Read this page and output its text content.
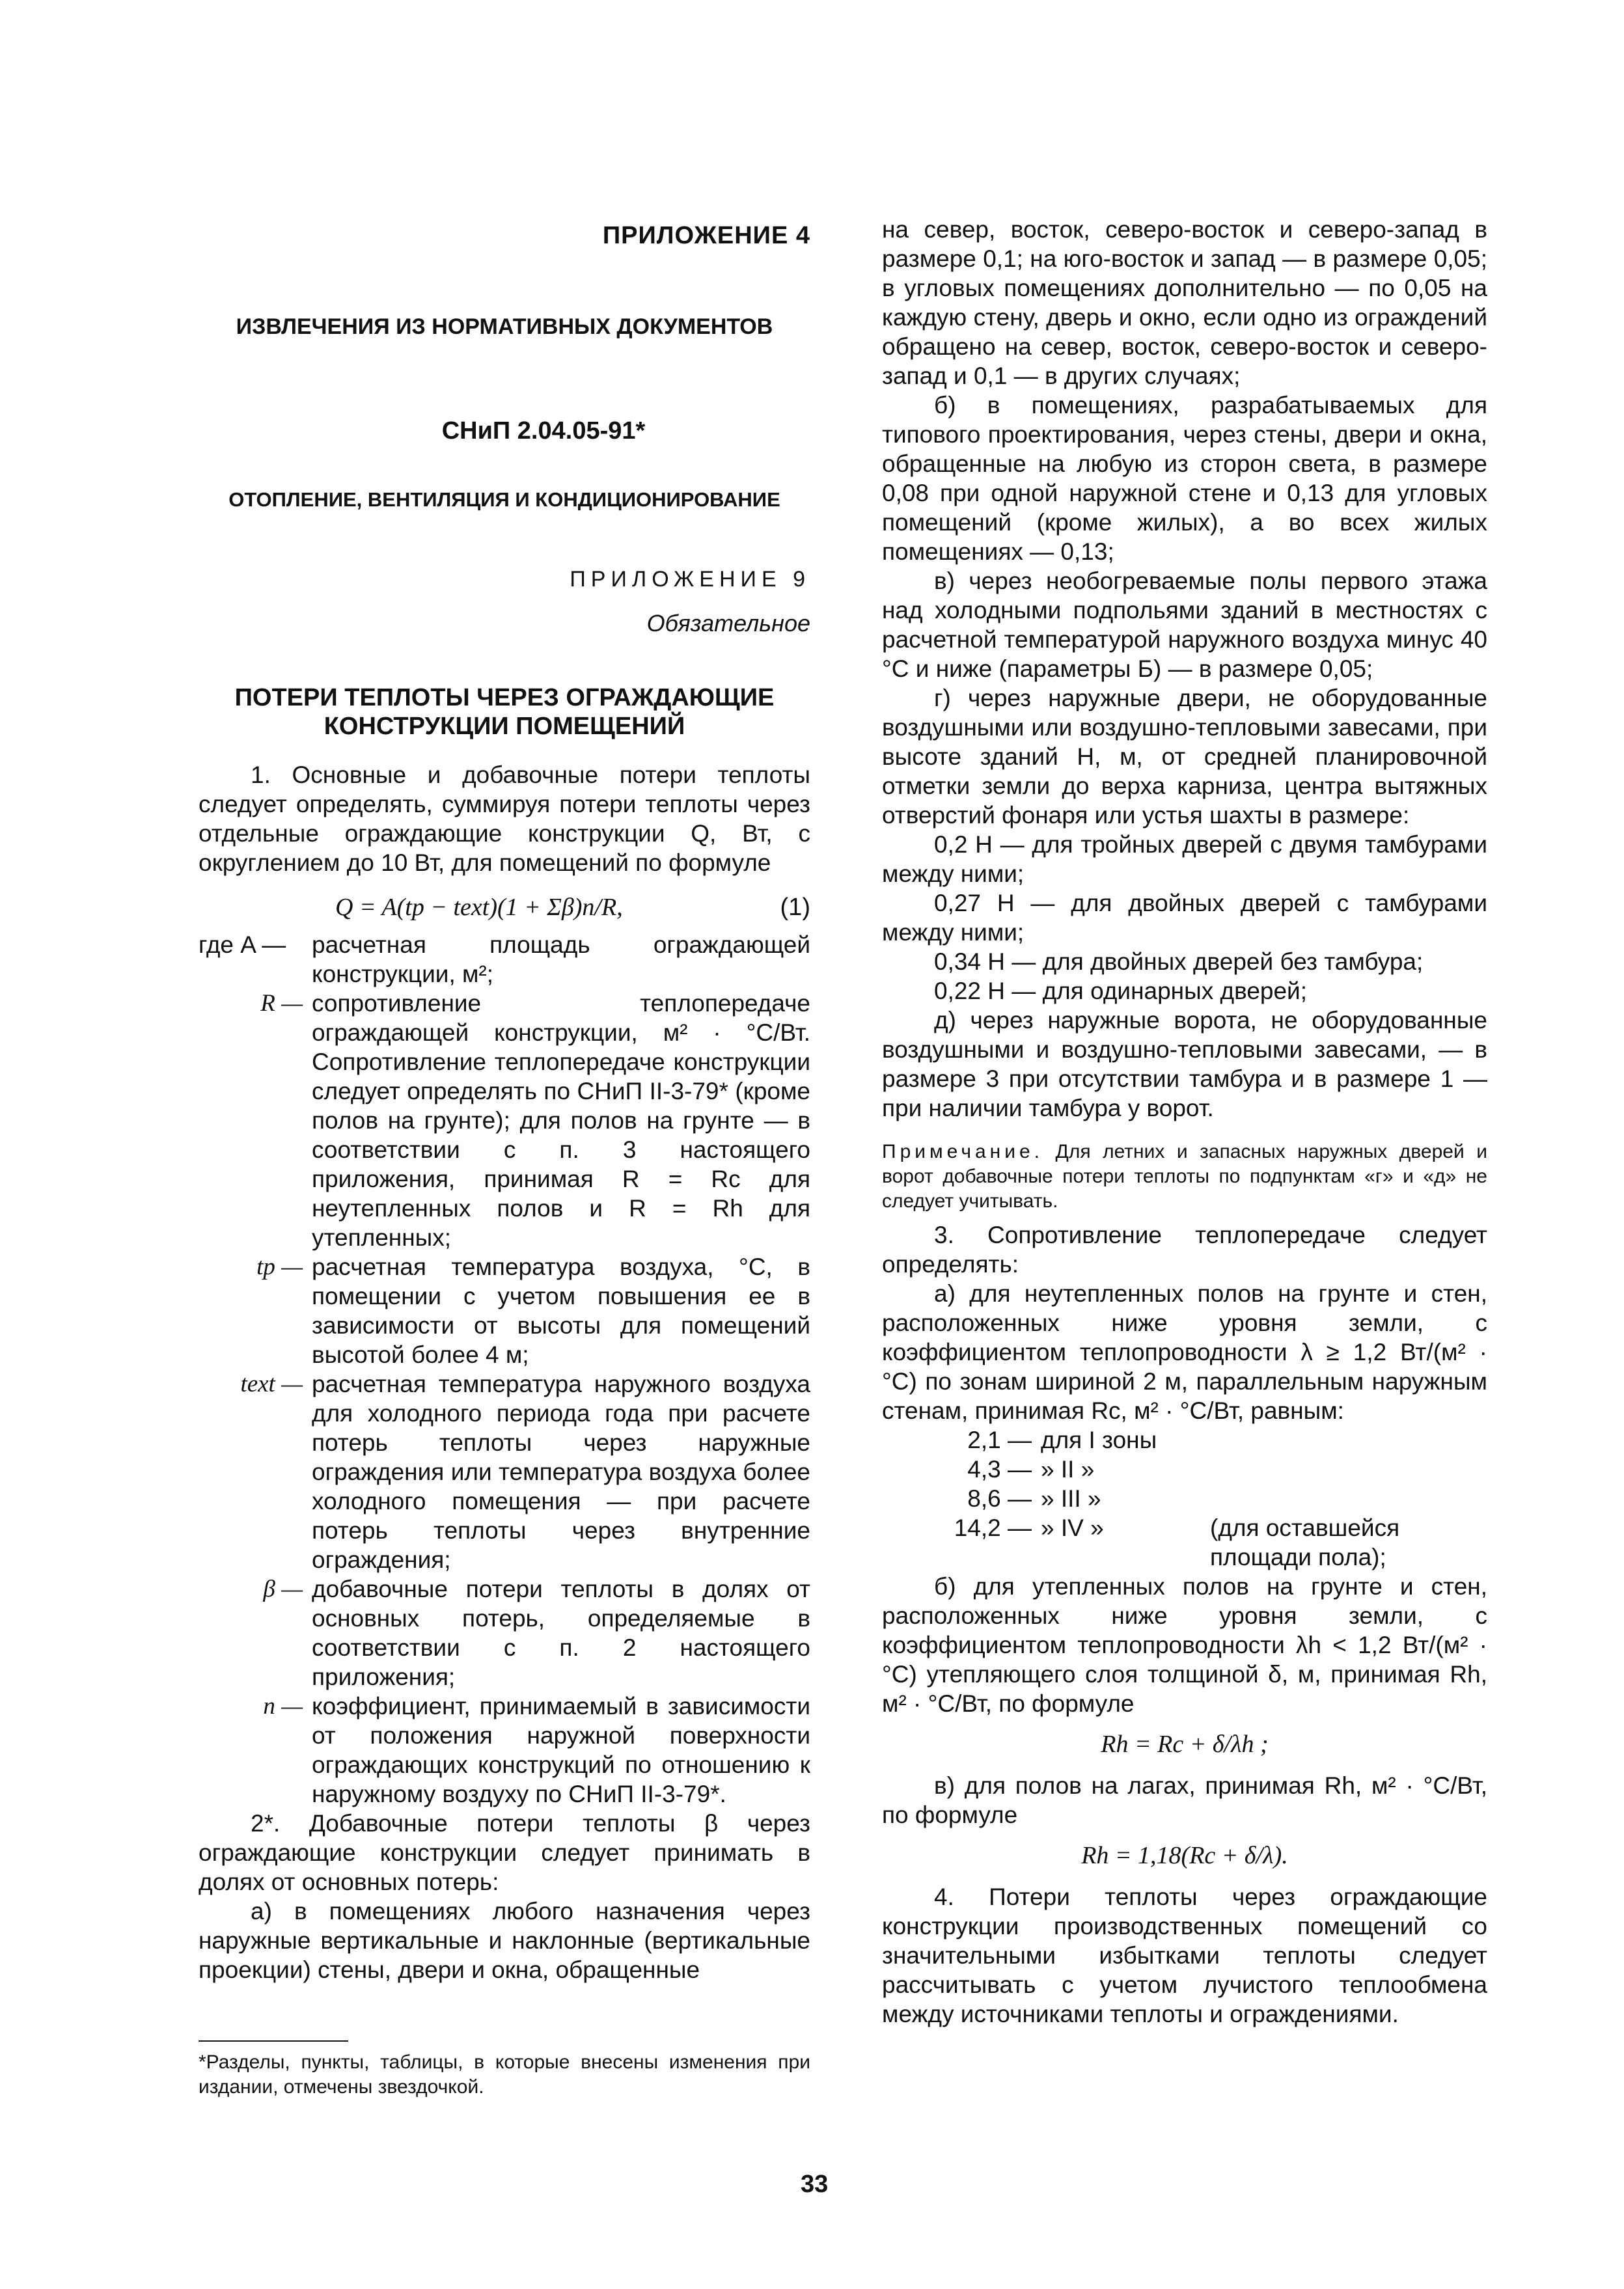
ПРИЛОЖЕНИЕ 4
ИЗВЛЕЧЕНИЯ ИЗ НОРМАТИВНЫХ ДОКУМЕНТОВ
СНиП 2.04.05-91*
ОТОПЛЕНИЕ, ВЕНТИЛЯЦИЯ И КОНДИЦИОНИРОВАНИЕ
ПРИЛОЖЕНИЕ 9
Обязательное
ПОТЕРИ ТЕПЛОТЫ ЧЕРЕЗ ОГРАЖДАЮЩИЕ КОНСТРУКЦИИ ПОМЕЩЕНИЙ

1. Основные и добавочные потери теплоты следует определять, суммируя потери теплоты через отдельные ограждающие конструкции Q, Вт, с округлением до 10 Вт, для помещений по формуле

Q = A(tp − text)(1 + Σβ)n/R,	(1)
где A —	расчетная площадь ограждающей конструкции, м²;
R — сопротивление теплопередаче ограждающей конструкции, м² · °С/Вт. Сопротивление теплопередаче конструкции следует определять по СНиП II-3-79* (кроме полов на грунте); для полов на грунте — в соответствии с п. 3 настоящего приложения, принимая R = Rc для неутепленных полов и R = Rh для утепленных;
tp — расчетная температура воздуха, °С, в помещении с учетом повышения ее в зависимости от высоты для помещений высотой более 4 м;
text — расчетная температура наружного воздуха для холодного периода года при расчете потерь теплоты через наружные ограждения или температура воздуха более холодного помещения — при расчете потерь теплоты через внутренние ограждения;
β — добавочные потери теплоты в долях от основных потерь, определяемые в соответствии с п. 2 настоящего приложения;
n — коэффициент, принимаемый в зависимости от положения наружной поверхности ограждающих конструкций по отношению к наружному воздуху по СНиП II-3-79*.

2*. Добавочные потери теплоты β через ограждающие конструкции следует принимать в долях от основных потерь:

а) в помещениях любого назначения через наружные вертикальные и наклонные (вертикальные проекции) стены, двери и окна, обращенные

на север, восток, северо-восток и северо-запад в размере 0,1; на юго-восток и запад — в размере 0,05; в угловых помещениях дополнительно — по 0,05 на каждую стену, дверь и окно, если одно из ограждений обращено на север, восток, северо-восток и северо-запад и 0,1 — в других случаях;

б) в помещениях, разрабатываемых для типового проектирования, через стены, двери и окна, обращенные на любую из сторон света, в размере 0,08 при одной наружной стене и 0,13 для угловых помещений (кроме жилых), а во всех жилых помещениях — 0,13;

в) через необогреваемые полы первого этажа над холодными подпольями зданий в местностях с расчетной температурой наружного воздуха минус 40 °С и ниже (параметры Б) — в размере 0,05;

г) через наружные двери, не оборудованные воздушными или воздушно-тепловыми завесами, при высоте зданий H, м, от средней планировочной отметки земли до верха карниза, центра вытяжных отверстий фонаря или устья шахты в размере:

0,2 H — для тройных дверей с двумя тамбурами между ними;

0,27 H — для двойных дверей с тамбурами между ними;

0,34 H — для двойных дверей без тамбура;

0,22 H — для одинарных дверей;

д) через наружные ворота, не оборудованные воздушными и воздушно-тепловыми завесами, — в размере 3 при отсутствии тамбура и в размере 1 — при наличии тамбура у ворот.

Примечание. Для летних и запасных наружных дверей и ворот добавочные потери теплоты по подпунктам «г» и «д» не следует учитывать.

3. Сопротивление теплопередаче следует определять:

а) для неутепленных полов на грунте и стен, расположенных ниже уровня земли, с коэффициентом теплопроводности λ ≥ 1,2 Вт/(м² · °С) по зонам шириной 2 м, параллельным наружным стенам, принимая Rc, м² · °С/Вт, равным:

2,1 — для I зоны
4,3 — » II »
8,6 — » III »
14,2 — » IV »	(для оставшейся площади пола);

б) для утепленных полов на грунте и стен, расположенных ниже уровня земли, с коэффициентом теплопроводности λh < 1,2 Вт/(м² · °С) утепляющего слоя толщиной δ, м, принимая Rh, м² · °С/Вт, по формуле

Rh = Rc + δ/λh ;

в) для полов на лагах, принимая Rh, м² · °С/Вт, по формуле

Rh = 1,18(Rc + δ/λ).

4. Потери теплоты через ограждающие конструкции производственных помещений со значительными избытками теплоты следует рассчитывать с учетом лучистого теплообмена между источниками теплоты и ограждениями.

*Разделы, пункты, таблицы, в которые внесены изменения при издании, отмечены звездочкой.
33
